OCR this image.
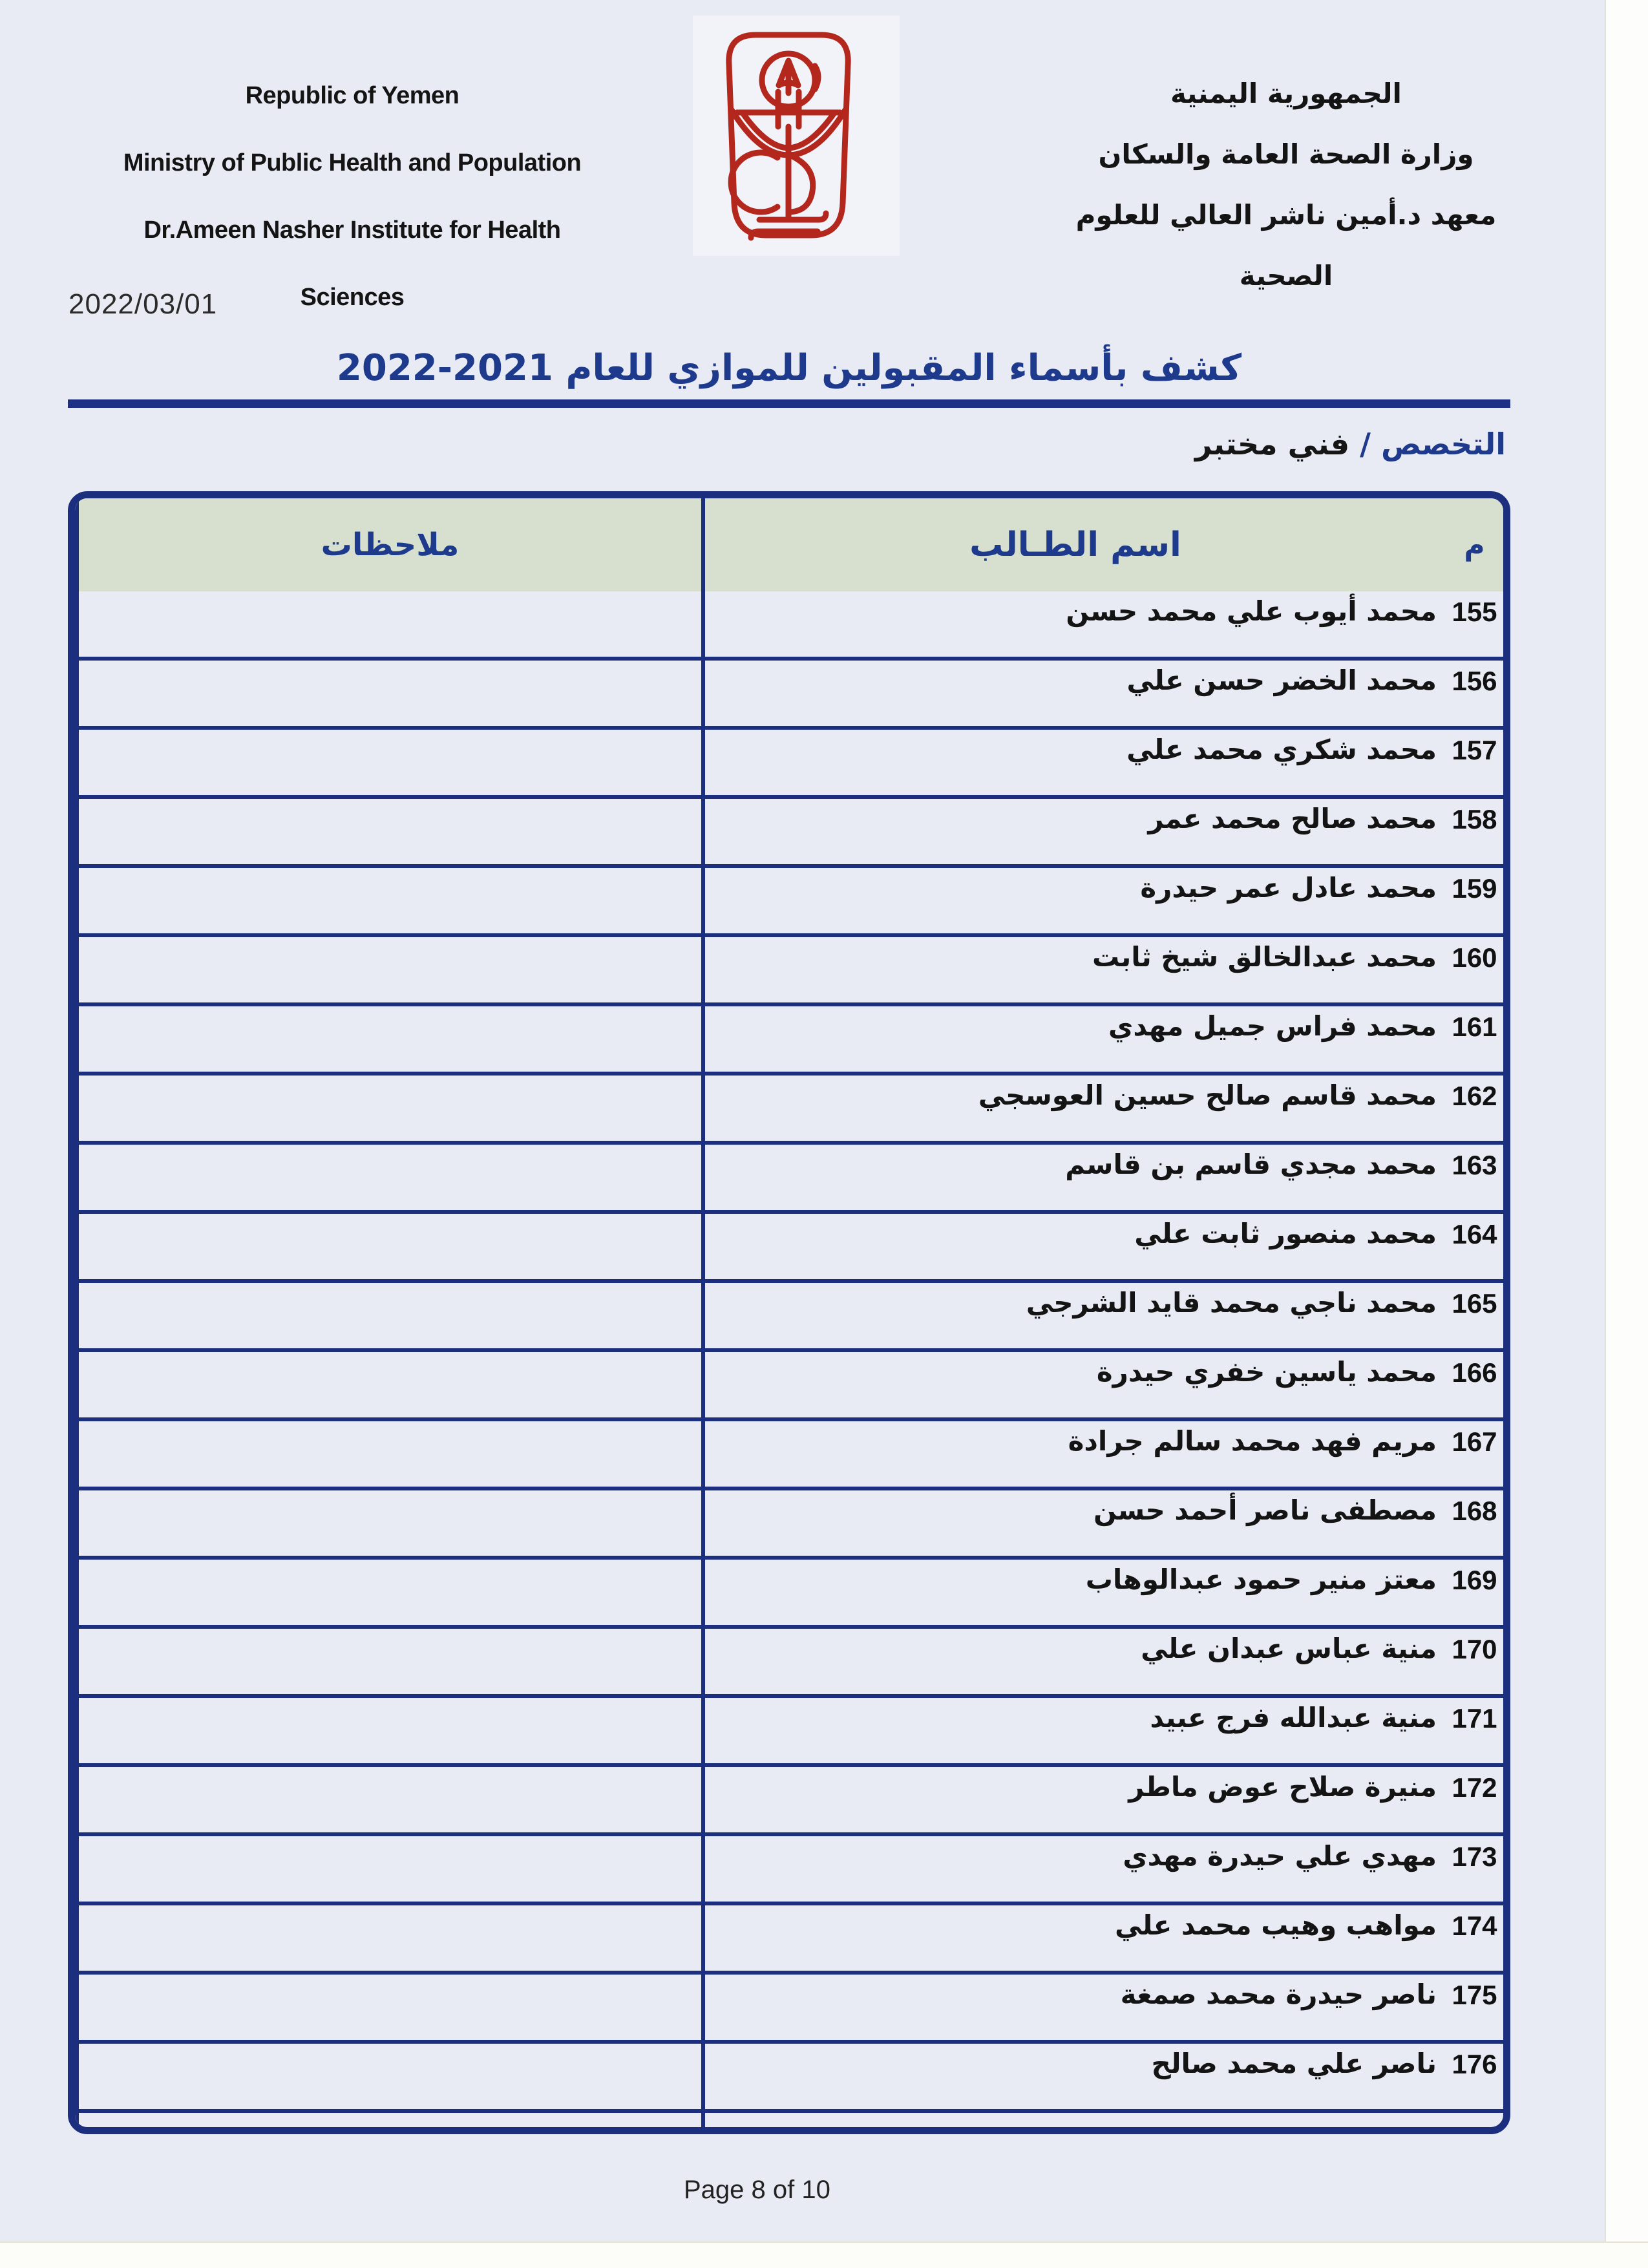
Republic of Yemen
Ministry of Public Health and Population
Dr.Ameen Nasher Institute for Health Sciences
الجمهورية اليمنية
وزارة الصحة العامة والسكان
معهد د.أمين ناشر العالي للعلوم الصحية
2022/03/01
كشف بأسماء المقبولين للموازي للعام 2022-2021
التخصص / فني مختبر
م
اسم الطـالب
ملاحظات
155
محمد أيوب علي محمد حسن
156
محمد الخضر حسن علي
157
محمد شكري محمد علي
158
محمد صالح محمد عمر
159
محمد عادل عمر حيدرة
160
محمد عبدالخالق شيخ ثابت
161
محمد فراس جميل مهدي
162
محمد قاسم صالح حسين العوسجي
163
محمد مجدي قاسم بن قاسم
164
محمد منصور ثابت علي
165
محمد ناجي محمد قايد الشرجي
166
محمد ياسين خفري حيدرة
167
مريم فهد محمد سالم جرادة
168
مصطفى ناصر أحمد حسن
169
معتز منير حمود عبدالوهاب
170
منية عباس عبدان علي
171
منية عبدالله فرج عبيد
172
منيرة صلاح عوض ماطر
173
مهدي علي حيدرة مهدي
174
مواهب وهيب محمد علي
175
ناصر حيدرة محمد صمغة
176
ناصر علي محمد صالح
Page 8 of 10
